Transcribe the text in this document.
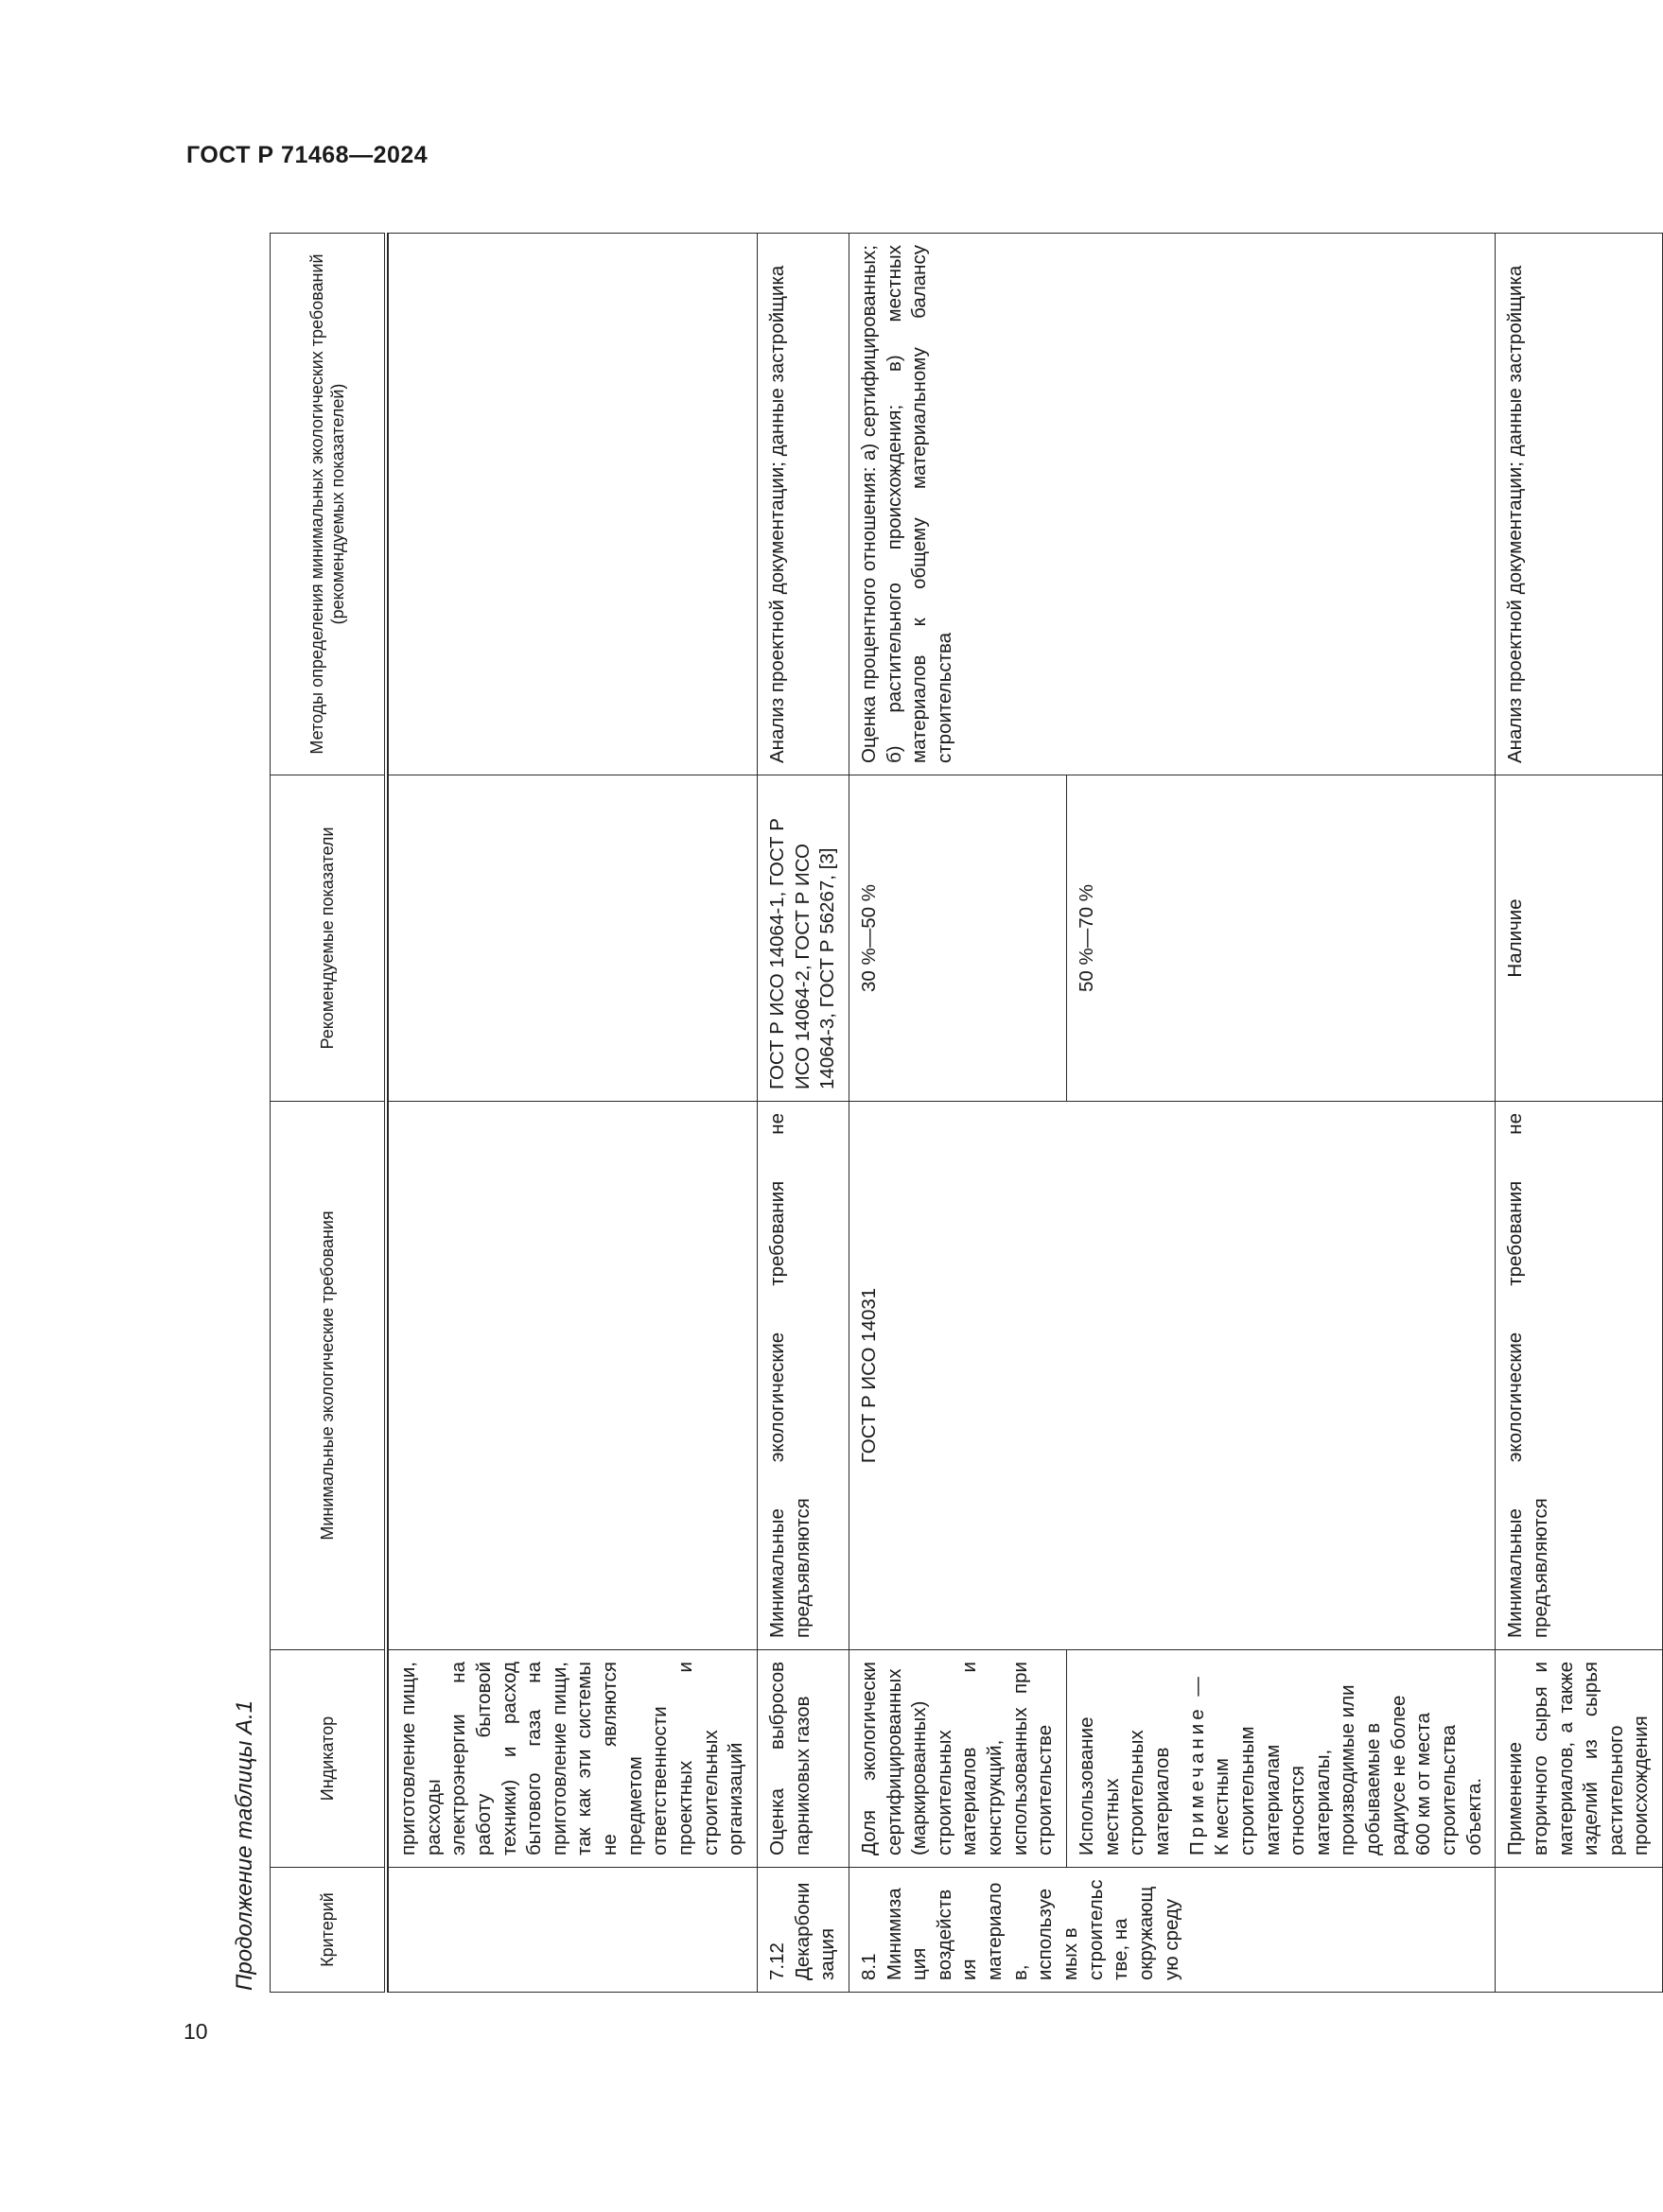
ГОСТ Р 71468—2024
Продолжение таблицы А.1	Критерий	Индикатор	Минимальные экологические требования	Рекомендуемые показатели	Методы определения минимальных экологических требований (рекомендуемых показателей)

	приготовление пищи, расходы электроэнергии на работу бытовой техники) и расход бытового газа на приготовление пищи, так как эти системы не являются предметом ответственности проектных и строительных организаций			
7.12 Декарбонизация	Оценка выбросов парниковых газов	Минимальные экологические требования не предъявляются	ГОСТ Р ИСО 14064-1, ГОСТ Р ИСО 14064-2, ГОСТ Р ИСО 14064-3, ГОСТ Р 56267, [3]	Анализ проектной документации; данные застройщика
8.1 Минимизация воздействия материалов, используемых в строительстве, на окружающую среду	Доля экологически сертифицированных (маркированных) строительных материалов и конструкций, использованных при строительстве	ГОСТ Р ИСО 14031	30 %—50 %	Оценка процентного отношения: а) сертифицированных; б) растительного происхождения; в) местных материалов к общему материальному балансу строительства

	Использование местных строительных материалов Примечание — К местным строительным материалам относятся материалы, производимые или добываемые в радиусе не более 600 км от места строительства объекта.		50 %—70 %	
	Применение вторичного сырья и материалов, а также изделий из сырья растительного происхождения	Минимальные экологические требования не предъявляются	Наличие	Анализ проектной документации; данные застройщика
10
